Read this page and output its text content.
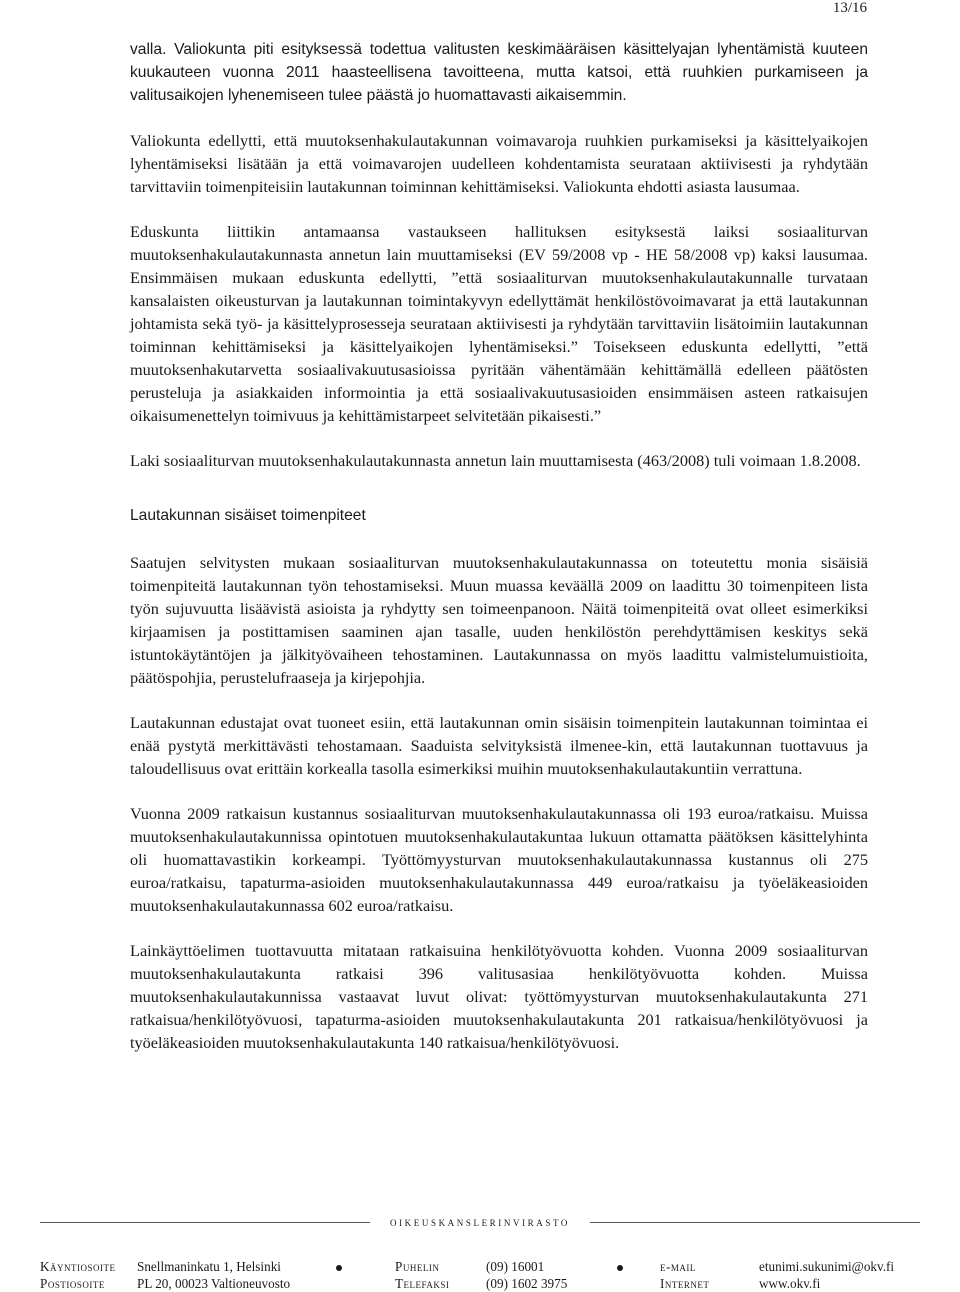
13/16

valla. Valiokunta piti esityksessä todettua valitusten keskimääräisen käsittelyajan lyhentämistä kuuteen kuukauteen vuonna 2011 haasteellisena tavoitteena, mutta katsoi, että ruuhkien purkamiseen ja valitusaikojen lyhenemiseen tulee päästä jo huomattavasti aikaisemmin.

Valiokunta edellytti, että muutoksenhakulautakunnan voimavaroja ruuhkien purkamiseksi ja käsittelyaikojen lyhentämiseksi lisätään ja että voimavarojen uudelleen kohdentamista seurataan aktiivisesti ja ryhdytään tarvittaviin toimenpiteisiin lautakunnan toiminnan kehittämiseksi. Valiokunta ehdotti asiasta lausumaa.

Eduskunta liittikin antamaansa vastaukseen hallituksen esityksestä laiksi sosiaaliturvan muutoksenhakulautakunnasta annetun lain muuttamiseksi (EV 59/2008 vp - HE 58/2008 vp) kaksi lausumaa. Ensimmäisen mukaan eduskunta edellytti, ”että sosiaaliturvan muutoksenhakulautakunnalle turvataan kansalaisten oikeusturvan ja lautakunnan toimintakyvyn edellyttämät henkilöstövoimavarat ja että lautakunnan johtamista sekä työ- ja käsittelyprosesseja seurataan aktiivisesti ja ryhdytään tarvittaviin lisätoimiin lautakunnan toiminnan kehittämiseksi ja käsittelyaikojen lyhentämiseksi.” Toisekseen eduskunta edellytti, ”että muutoksenhakutarvetta sosiaalivakuutusasioissa pyritään vähentämään kehittämällä edelleen päätösten perusteluja ja asiakkaiden informointia ja että sosiaalivakuutusasioiden ensimmäisen asteen ratkaisujen oikaisumenettelyn toimivuus ja kehittämistarpeet selvitetään pikaisesti.”

Laki sosiaaliturvan muutoksenhakulautakunnasta annetun lain muuttamisesta (463/2008) tuli voimaan 1.8.2008.

Lautakunnan sisäiset toimenpiteet

Saatujen selvitysten mukaan sosiaaliturvan muutoksenhakulautakunnassa on toteutettu monia sisäisiä toimenpiteitä lautakunnan työn tehostamiseksi. Muun muassa keväällä 2009 on laadittu 30 toimenpiteen lista työn sujuvuutta lisäävistä asioista ja ryhdytty sen toimeenpanoon. Näitä toimenpiteitä ovat olleet esimerkiksi kirjaamisen ja postittamisen saaminen ajan tasalle, uuden henkilöstön perehdyttämisen keskitys sekä istuntokäytäntöjen ja jälkityövaiheen tehostaminen. Lautakunnassa on myös laadittu valmistelumuistioita, päätöspohjia, perustelufraaseja ja kirjepohjia.

Lautakunnan edustajat ovat tuoneet esiin, että lautakunnan omin sisäisin toimenpitein lautakunnan toimintaa ei enää pystytä merkittävästi tehostamaan. Saaduista selvityksistä ilmenee-kin, että lautakunnan tuottavuus ja taloudellisuus ovat erittäin korkealla tasolla esimerkiksi muihin muutoksenhakulautakuntiin verrattuna.

Vuonna 2009 ratkaisun kustannus sosiaaliturvan muutoksenhakulautakunnassa oli 193 euroa/ratkaisu. Muissa muutoksenhakulautakunnissa opintotuen muutoksenhakulautakuntaa lukuun ottamatta päätöksen käsittelyhinta oli huomattavastikin korkeampi. Työttömyysturvan muutoksenhakulautakunnassa kustannus oli 275 euroa/ratkaisu, tapaturma-asioiden muutoksenhakulautakunnassa 449 euroa/ratkaisu ja työeläkeasioiden muutoksenhakulautakunnassa 602 euroa/ratkaisu.

Lainkäyttöelimen tuottavuutta mitataan ratkaisuina henkilötyövuotta kohden. Vuonna 2009 sosiaaliturvan muutoksenhakulautakunta ratkaisi 396 valitusasiaa henkilötyövuotta kohden. Muissa muutoksenhakulautakunnissa vastaavat luvut olivat: työttömyysturvan muutoksenhakulautakunta 271 ratkaisua/henkilötyövuosi, tapaturma-asioiden muutoksenhakulautakunta 201 ratkaisua/henkilötyövuosi ja työeläkeasioiden muutoksenhakulautakunta 140 ratkaisua/henkilötyövuosi.

oikeuskanslerinvirasto
Käyntiosoite Snellmaninkatu 1, Helsinki	Puhelin	(09) 16001	e-mail	etunimi.sukunimi@okv.fi
Postiosoite PL 20, 00023 Valtioneuvosto	Telefaksi	(09) 1602 3975	Internet	www.okv.fi
